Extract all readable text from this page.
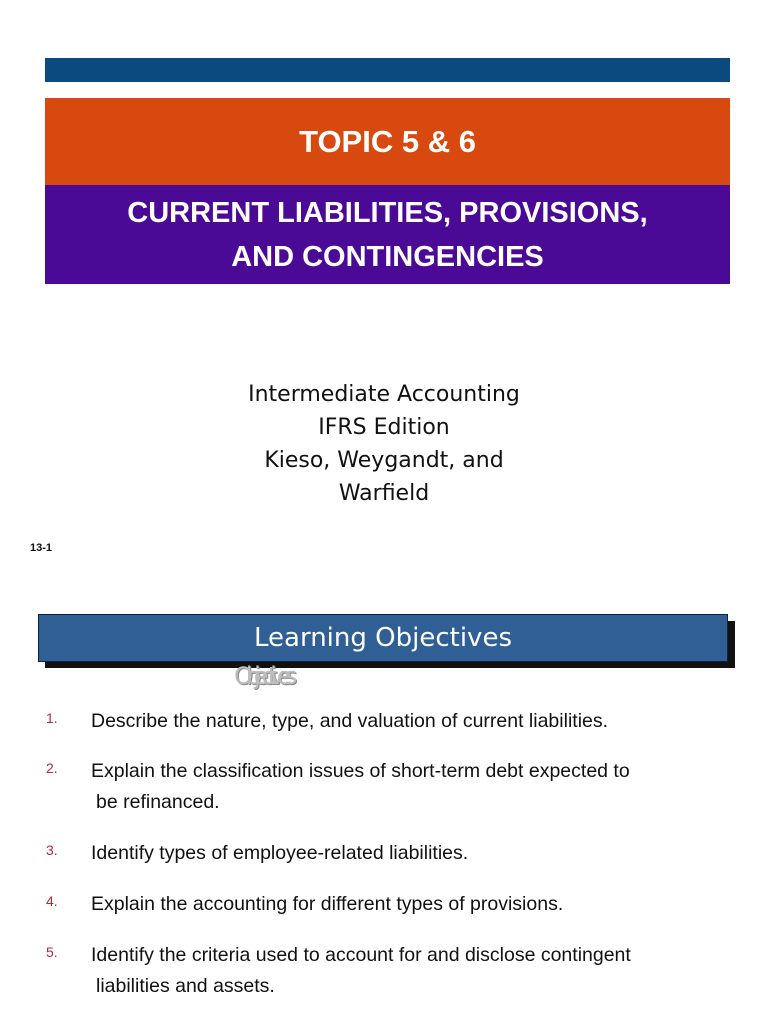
TOPIC 5 & 6
CURRENT LIABILITIES, PROVISIONS,
AND CONTINGENCIES
Intermediate Accounting
IFRS Edition
Kieso, Weygandt, and
Warfield
13-1
Learning Objectives
Objectives
1. Describe the nature, type, and valuation of current liabilities.
2. Explain the classification issues of short-term debt expected to
be refinanced.
3. Identify types of employee-related liabilities.
4. Explain the accounting for different types of provisions.
5. Identify the criteria used to account for and disclose contingent
liabilities and assets.
